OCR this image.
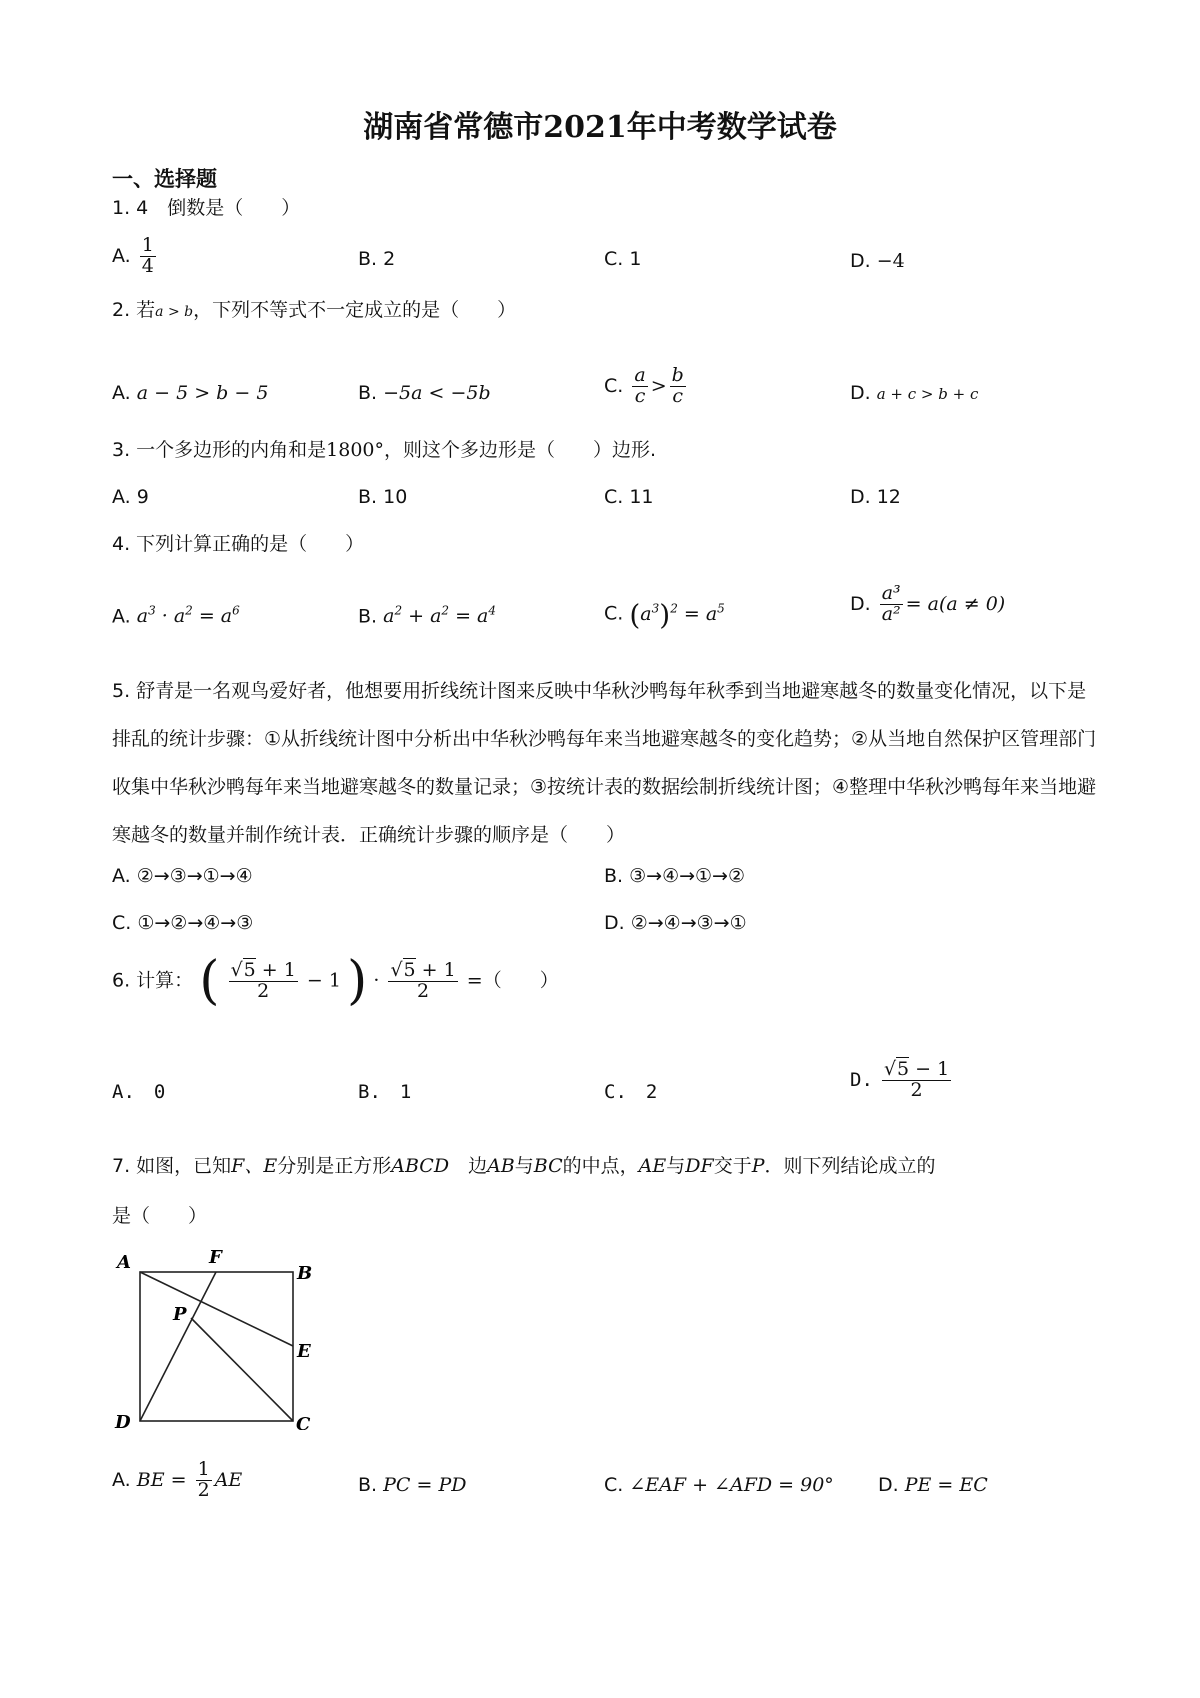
湖南省常德市2021年中考数学试卷
一、选择题
1. 4　倒数是（　　）
A. $\frac{1}{4}$	B. 2	C. 1	D. −4
2. 若a > b，下列不等式不一定成立的是（　　）
A. a − 5 > b − 5	B. −5a < −5b	C. $\frac{a}{c} > \frac{b}{c}$	D. a + c > b + c
3. 一个多边形的内角和是1800°，则这个多边形是（　　）边形.
A. 9	B. 10	C. 11	D. 12
4. 下列计算正确的是（　　）
A. $a^3 \cdot a^2 = a^6$	B. $a^2 + a^2 = a^4$	C. $(a^3)^2 = a^5$	D. $\frac{\text{a³}}{\text{a²}} = a(a \ne 0)$
5. 舒青是一名观鸟爱好者，他想要用折线统计图来反映中华秋沙鸭每年秋季到当地避寒越冬的数量变化情况，以下是排乱的统计步骤：①从折线统计图中分析出中华秋沙鸭每年来当地避寒越冬的变化趋势；②从当地自然保护区管理部门收集中华秋沙鸭每年来当地避寒越冬的数量记录；③按统计表的数据绘制折线统计图；④整理中华秋沙鸭每年来当地避寒越冬的数量并制作统计表．正确统计步骤的顺序是（　　）
A. ②→③→①→④	B. ③→④→①→②
C. ①→②→④→③	D. ②→④→③→①
6. 计算： ( $\frac{√5 + 1}{2} - 1$ ) · $\frac{√5 + 1}{2}$ =（　　）
A.　0	B.　1	C.　2
D. $\frac{√5 - 1}{2}$
7. 如图，已知F、E分别是正方形ABCD　边AB与BC的中点，AE与DF交于P．则下列结论成立的
是（　　）
A	F
B
P
E
D	C
A. BE = $\frac{1}{2}$ AE	B. PC = PD	C. ∠EAF + ∠AFD = 90° D. PE = EC
